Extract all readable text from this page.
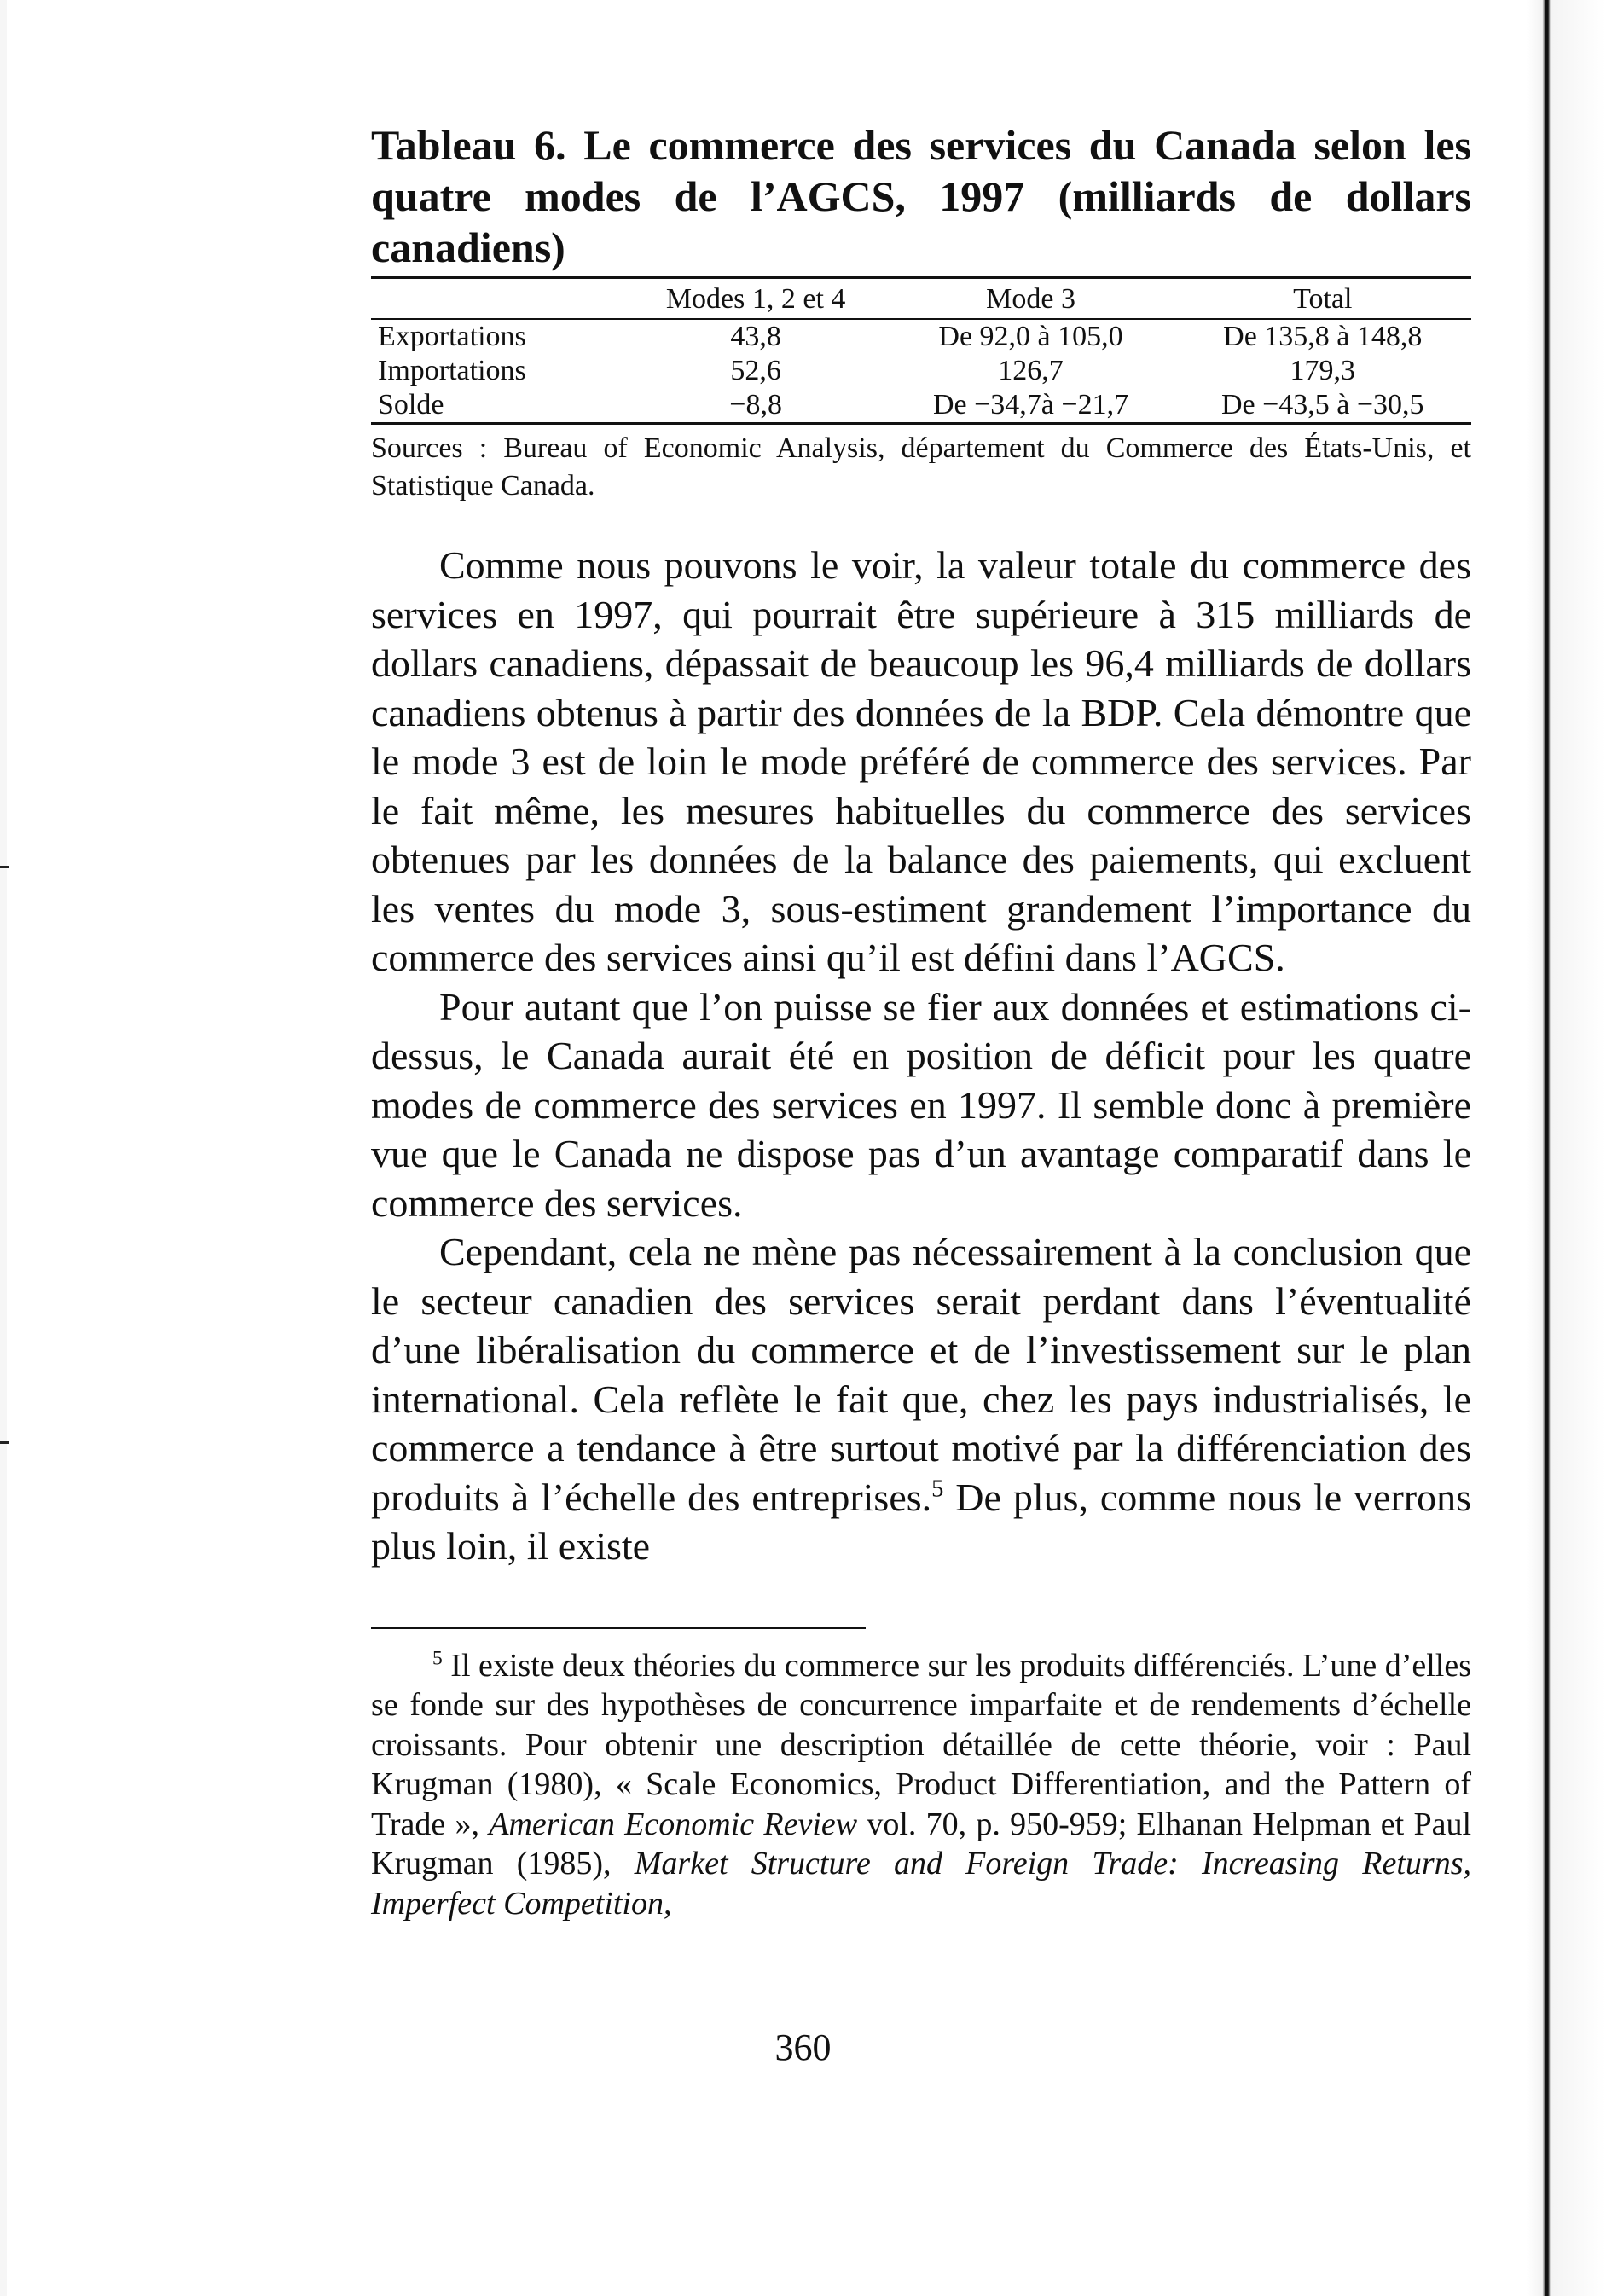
Tableau 6. Le commerce des services du Canada selon les quatre modes de l’AGCS, 1997 (milliards de dollars canadiens)
	Modes 1, 2 et 4	Mode 3	Total
Exportations	43,8	De 92,0 à 105,0	De 135,8 à 148,8
Importations	52,6	126,7	179,3
Solde	−8,8	De −34,7à −21,7	De −43,5 à −30,5

Sources : Bureau of Economic Analysis, département du Commerce des États-Unis, et Statistique Canada.

Comme nous pouvons le voir, la valeur totale du commerce des services en 1997, qui pourrait être supérieure à 315 milliards de dollars canadiens, dépassait de beaucoup les 96,4 milliards de dollars canadiens obtenus à partir des données de la BDP. Cela démontre que le mode 3 est de loin le mode préféré de commerce des services. Par le fait même, les mesures habituelles du commerce des services obtenues par les données de la balance des paiements, qui excluent les ventes du mode 3, sous-estiment grandement l’importance du commerce des services ainsi qu’il est défini dans l’AGCS.

Pour autant que l’on puisse se fier aux données et estimations ci-dessus, le Canada aurait été en position de déficit pour les quatre modes de commerce des services en 1997. Il semble donc à première vue que le Canada ne dispose pas d’un avantage comparatif dans le commerce des services.

Cependant, cela ne mène pas nécessairement à la conclusion que le secteur canadien des services serait perdant dans l’éventualité d’une libéralisation du commerce et de l’investissement sur le plan international. Cela reflète le fait que, chez les pays industrialisés, le commerce a tendance à être surtout motivé par la différenciation des produits à l’échelle des entreprises.$^5$ De plus, comme nous le verrons plus loin, il existe

$^5$ Il existe deux théories du commerce sur les produits différenciés. L’une d’elles se fonde sur des hypothèses de concurrence imparfaite et de rendements d’échelle croissants. Pour obtenir une description détaillée de cette théorie, voir : Paul Krugman (1980), « Scale Economics, Product Differentiation, and the Pattern of Trade », American Economic Review vol. 70, p. 950-959; Elhanan Helpman et Paul Krugman (1985), Market Structure and Foreign Trade: Increasing Returns, Imperfect Competition,

360
